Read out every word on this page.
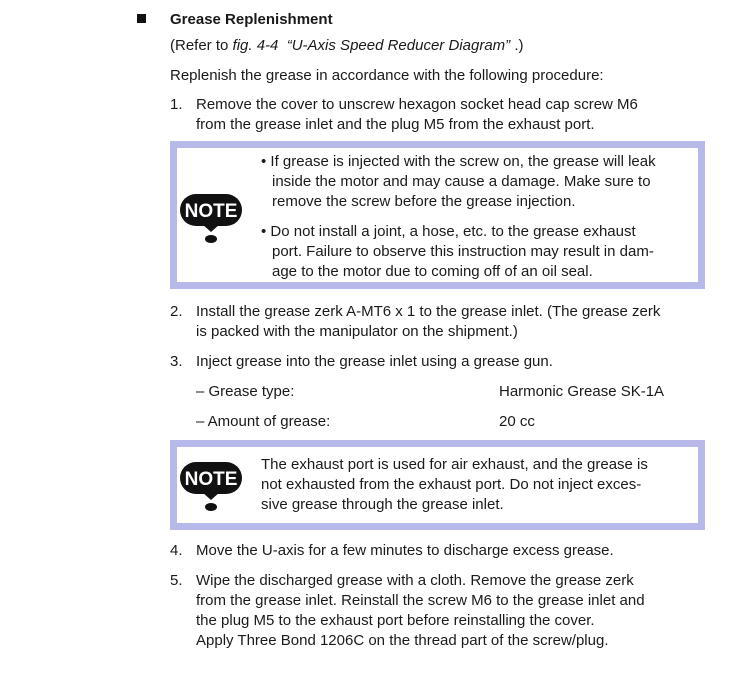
Grease Replenishment
(Refer to fig. 4-4 “U-Axis Speed Reducer Diagram” .)
Replenish the grease in accordance with the following procedure:
1. Remove the cover to unscrew hexagon socket head cap screw M6
from the grease inlet and the plug M5 from the exhaust port.
NOTE
• If grease is injected with the screw on, the grease will leak
inside the motor and may cause a damage. Make sure to
remove the screw before the grease injection.
• Do not install a joint, a hose, etc. to the grease exhaust
port. Failure to observe this instruction may result in dam-
age to the motor due to coming off of an oil seal.
2. Install the grease zerk A-MT6 x 1 to the grease inlet. (The grease zerk
is packed with the manipulator on the shipment.)
3. Inject grease into the grease inlet using a grease gun.
– Grease type:	Harmonic Grease SK-1A
– Amount of grease:	20 cc
NOTE
The exhaust port is used for air exhaust, and the grease is
not exhausted from the exhaust port. Do not inject exces-
sive grease through the grease inlet.
4. Move the U-axis for a few minutes to discharge excess grease.
5. Wipe the discharged grease with a cloth. Remove the grease zerk
from the grease inlet. Reinstall the screw M6 to the grease inlet and
the plug M5 to the exhaust port before reinstalling the cover.
Apply Three Bond 1206C on the thread part of the screw/plug.
